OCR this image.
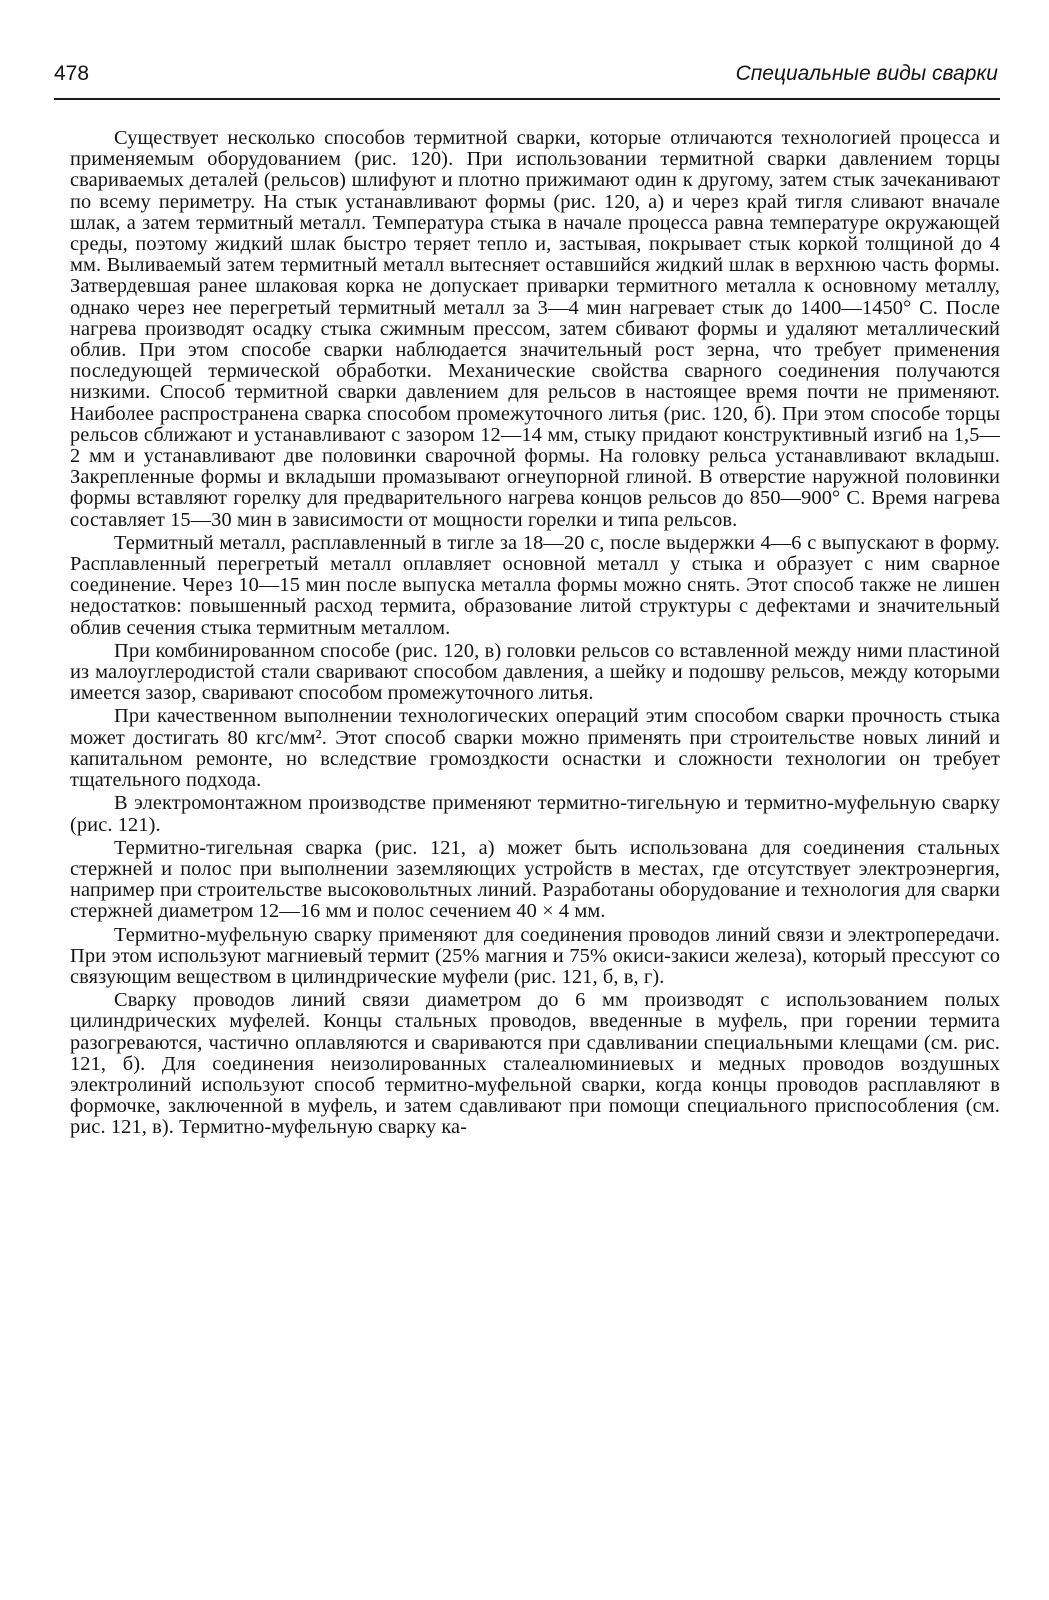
478	Специальные виды сварки

Существует несколько способов термитной сварки, которые отличаются технологией процесса и применяемым оборудованием (рис. 120). При использовании термитной сварки давлением торцы свариваемых деталей (рельсов) шлифуют и плотно прижимают один к другому, затем стык зачеканивают по всему периметру. На стык устанавливают формы (рис. 120, а) и через край тигля сливают вначале шлак, а затем термитный металл. Температура стыка в начале процесса равна температуре окружающей среды, поэтому жидкий шлак быстро теряет тепло и, застывая, покрывает стык коркой толщиной до 4 мм. Выливаемый затем термитный металл вытесняет оставшийся жидкий шлак в верхнюю часть формы. Затвердевшая ранее шлаковая корка не допускает приварки термитного металла к основному металлу, однако через нее перегретый термитный металл за 3—4 мин нагревает стык до 1400—1450° С. После нагрева производят осадку стыка сжимным прессом, затем сбивают формы и удаляют металлический облив. При этом способе сварки наблюдается значительный рост зерна, что требует применения последующей термической обработки. Механические свойства сварного соединения получаются низкими. Способ термитной сварки давлением для рельсов в настоящее время почти не применяют. Наиболее распространена сварка способом промежуточного литья (рис. 120, б). При этом способе торцы рельсов сближают и устанавливают с зазором 12—14 мм, стыку придают конструктивный изгиб на 1,5—2 мм и устанавливают две половинки сварочной формы. На головку рельса устанавливают вкладыш. Закрепленные формы и вкладыши промазывают огнеупорной глиной. В отверстие наружной половинки формы вставляют горелку для предварительного нагрева концов рельсов до 850—900° С. Время нагрева составляет 15—30 мин в зависимости от мощности горелки и типа рельсов.

Термитный металл, расплавленный в тигле за 18—20 с, после выдержки 4—6 с выпускают в форму. Расплавленный перегретый металл оплавляет основной металл у стыка и образует с ним сварное соединение. Через 10—15 мин после выпуска металла формы можно снять. Этот способ также не лишен недостатков: повышенный расход термита, образование литой структуры с дефектами и значительный облив сечения стыка термитным металлом.

При комбинированном способе (рис. 120, в) головки рельсов со вставленной между ними пластиной из малоуглеродистой стали сваривают способом давления, а шейку и подошву рельсов, между которыми имеется зазор, сваривают способом промежуточного литья.

При качественном выполнении технологических операций этим способом сварки прочность стыка может достигать 80 кгс/мм². Этот способ сварки можно применять при строительстве новых линий и капитальном ремонте, но вследствие громоздкости оснастки и сложности технологии он требует тщательного подхода.

В электромонтажном производстве применяют термитно-тигельную и термитно-муфельную сварку (рис. 121).

Термитно-тигельная сварка (рис. 121, а) может быть использована для соединения стальных стержней и полос при выполнении заземляющих устройств в местах, где отсутствует электроэнергия, например при строительстве высоковольтных линий. Разработаны оборудование и технология для сварки стержней диаметром 12—16 мм и полос сечением 40 × 4 мм.

Термитно-муфельную сварку применяют для соединения проводов линий связи и электропередачи. При этом используют магниевый термит (25% магния и 75% окиси-закиси железа), который прессуют со связующим веществом в цилиндрические муфели (рис. 121, б, в, г).

Сварку проводов линий связи диаметром до 6 мм производят с использованием полых цилиндрических муфелей. Концы стальных проводов, введенные в муфель, при горении термита разогреваются, частично оплавляются и свариваются при сдавливании специальными клещами (см. рис. 121, б). Для соединения неизолированных сталеалюминиевых и медных проводов воздушных электролиний используют способ термитно-муфельной сварки, когда концы проводов расплавляют в формочке, заключенной в муфель, и затем сдавливают при помощи специального приспособления (см. рис. 121, в). Термитно-муфельную сварку ка-
